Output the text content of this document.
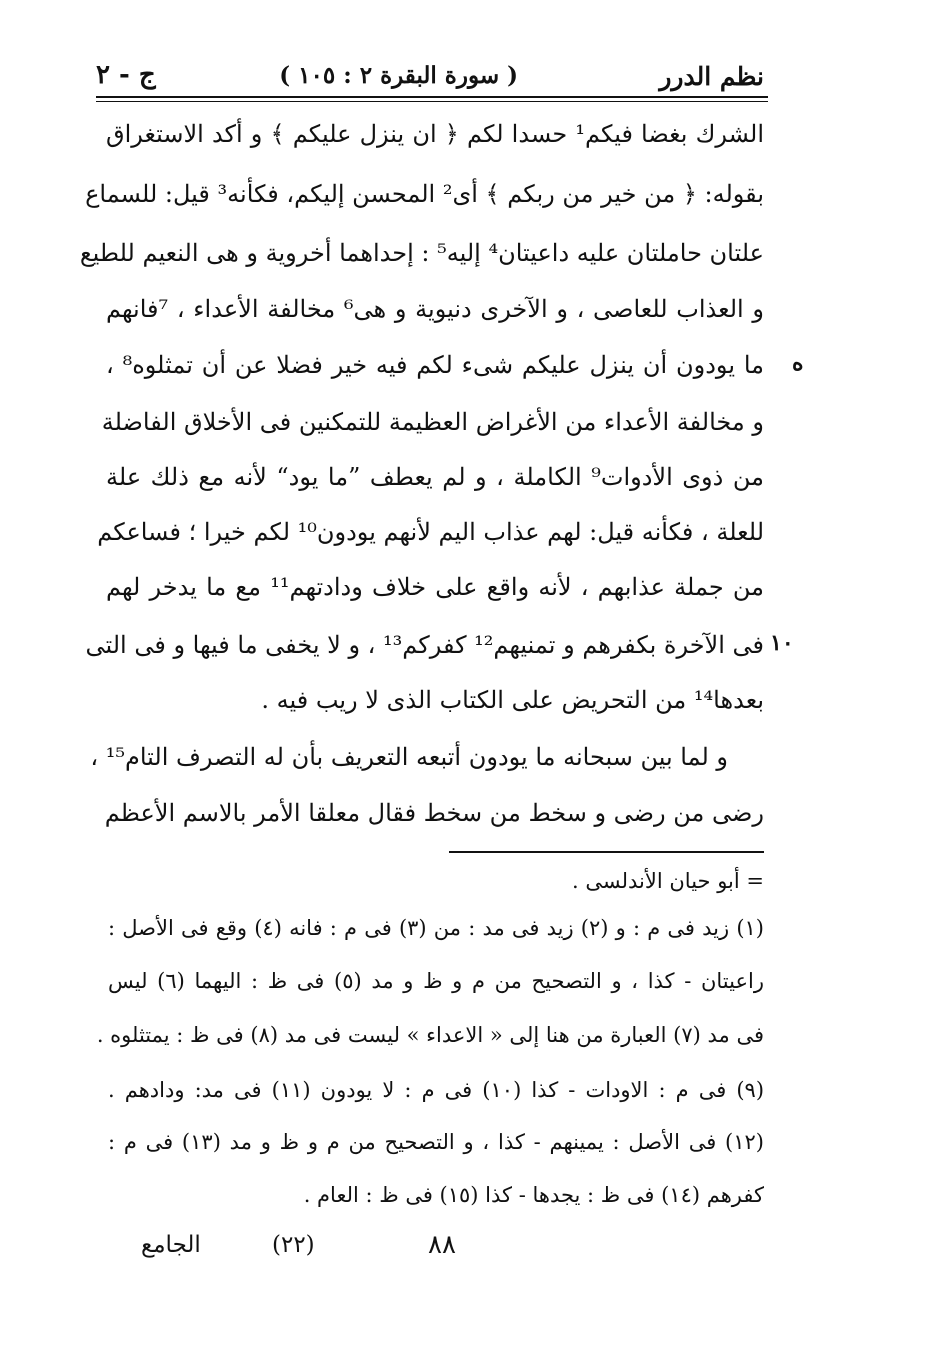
نظم الدرر
( سورة البقرة ۲ : ١٠٥ )
ج - ۲
الشرك بغضا فيكم¹ حسدا لكم ﴿ ان ينزل عليكم ﴾ و أكد الاستغراق
بقوله: ﴿ من خير من ربكم ﴾ أى² المحسن إليكم، فكأنه³ قيل: للسماع
علتان حاملتان عليه داعيتان⁴ إليه⁵ : إحداهما أخروية و هى النعيم للطيع
و العذاب للعاصى ، و الآخرى دنيوية و هى⁶ مخالفة الأعداء ، ⁷فانهم
ما يودون أن ينزل عليكم شىء لكم فيه خير فضلا عن أن تمثلوه⁸ ،
و مخالفة الأعداء من الأغراض العظيمة للتمكنين فى الأخلاق الفاضلة
من ذوى الأدوات⁹ الكاملة ، و لم يعطف ”ما يود“ لأنه مع ذلك علة
للعلة ، فكأنه قيل: لهم عذاب اليم لأنهم يودون¹⁰ لكم خيرا ؛ فساعكم
من جملة عذابهم ، لأنه واقع على خلاف ودادتهم¹¹ مع ما يدخر لهم
فى الآخرة بكفرهم و تمنيهم¹² كفركم¹³ ، و لا يخفى ما فيها و فى التى
بعدها¹⁴ من التحريض على الكتاب الذى لا ريب فيه .
و لما بين سبحانه ما يودون أتبعه التعريف بأن له التصرف التام¹⁵ ،
رضى من رضى و سخط من سخط فقال معلقا الأمر بالاسم الأعظم
ه
١٠
= أبو حيان الأندلسى .
(١) زيد فى م : و (٢) زيد فى مد : من (٣) فى م : فانه (٤) وقع فى الأصل :
راعيتان - كذا ، و التصحيح من م و ظ و مد (٥) فى ظ : اليهما (٦) ليس
فى مد (٧) العبارة من هنا إلى « الاعداء » ليست فى مد (٨) فى ظ : يمتثلوه .
(٩) فى م : الاودات - كذا (١٠) فى م : لا يودون (١١) فى مد: ودادهم .
(١٢) فى الأصل : يمينهم - كذا ، و التصحيح من م و ظ و مد (١٣) فى م :
كفرهم (١٤) فى ظ : يجدها - كذا (١٥) فى ظ : العام .
الجامع	(۲۲)	۸۸
